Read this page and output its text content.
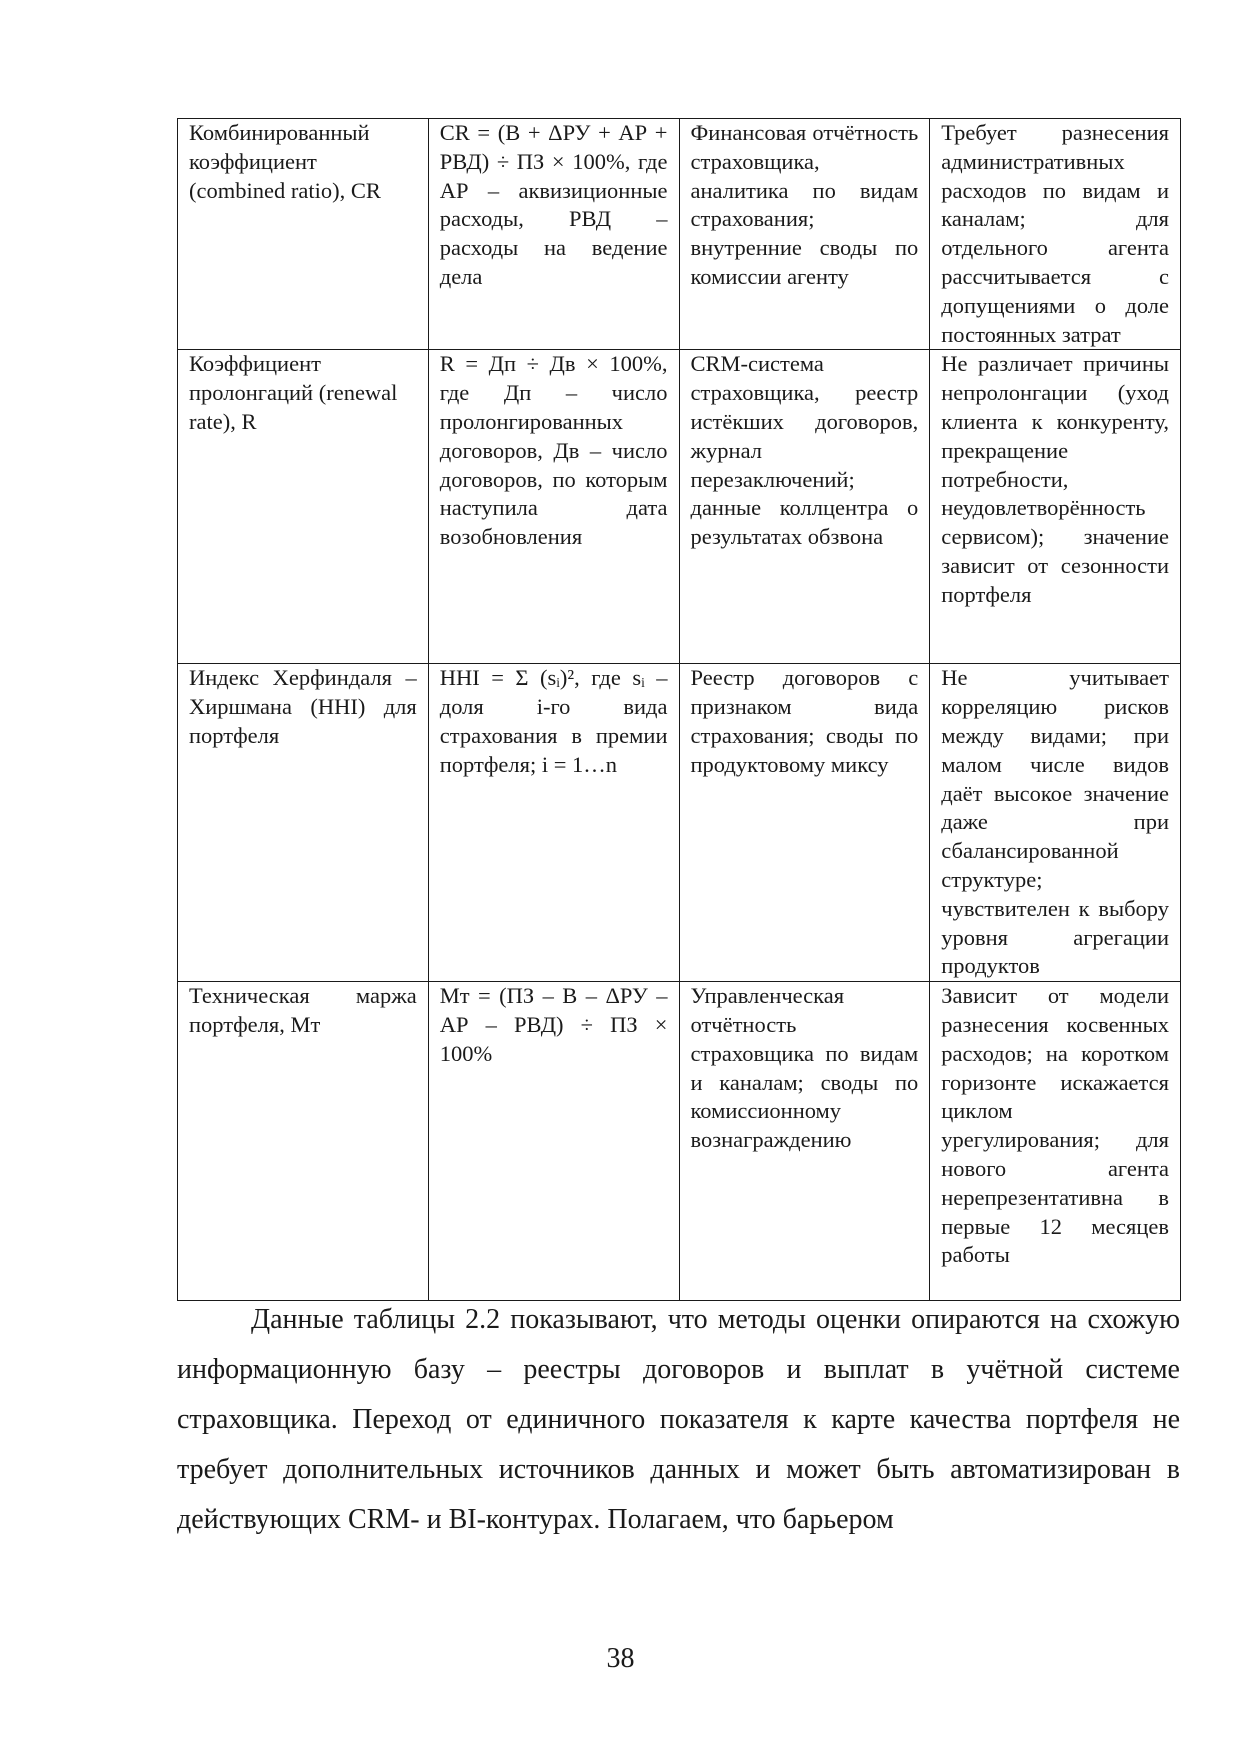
Комбинированный коэффициент (combined ratio), CR	CR = (В + ΔРУ + АР + РВД) ÷ ПЗ × 100%, где АР – аквизиционные расходы, РВД – расходы на ведение дела	Финансовая отчётность страховщика, аналитика по видам страхования; внутренние своды по комиссии агенту	Требует разнесения административных расходов по видам и каналам; для отдельного агента рассчитывается с допущениями о доле постоянных затрат
Коэффициент пролонгаций (renewal rate), R	R = Дп ÷ Дв × 100%, где Дп – число пролонгированных договоров, Дв – число договоров, по которым наступила дата возобновления	CRM-система страховщика, реестр истёкших договоров, журнал перезаключений; данные коллцентра о результатах обзвона	Не различает причины непролонгации (уход клиента к конкуренту, прекращение потребности, неудовлетворённость сервисом); значение зависит от сезонности портфеля
Индекс Херфиндаля – Хиршмана (HHI) для портфеля	HHI = Σ (sᵢ)², где sᵢ – доля i-го вида страхования в премии портфеля; i = 1…n	Реестр договоров с признаком вида страхования; своды по продуктовому миксу	Не учитывает корреляцию рисков между видами; при малом числе видов даёт высокое значение даже при сбалансированной структуре; чувствителен к выбору уровня агрегации продуктов
Техническая маржа портфеля, Мт	Мт = (ПЗ – В – ΔРУ – АР – РВД) ÷ ПЗ × 100%	Управленческая отчётность страховщика по видам и каналам; своды по комиссионному вознаграждению	Зависит от модели разнесения косвенных расходов; на коротком горизонте искажается циклом урегулирования; для нового агента нерепрезентативна в первые 12 месяцев работы

Данные таблицы 2.2 показывают, что методы оценки опираются на схожую информационную базу – реестры договоров и выплат в учётной системе страховщика. Переход от единичного показателя к карте качества портфеля не требует дополнительных источников данных и может быть автоматизирован в действующих CRM- и BI-контурах. Полагаем, что барьером

38
